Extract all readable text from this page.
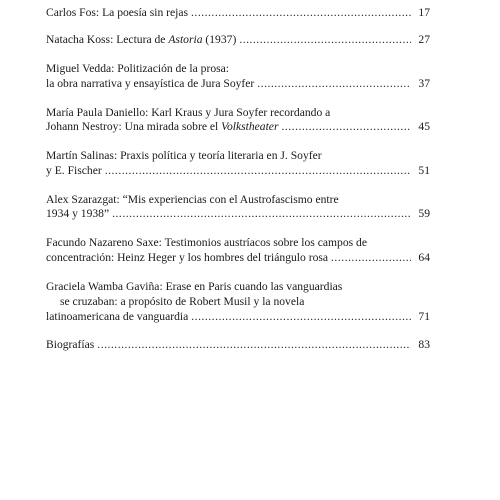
Carlos Fos: La poesía sin rejas .....	17
Natacha Koss: Lectura de Astoria (1937) .....	27
Miguel Vedda: Politización de la prosa:
la obra narrativa y ensayística de Jura Soyfer .....	37
María Paula Daniello: Karl Kraus y Jura Soyfer recordando a
Johann Nestroy: Una mirada sobre el Volkstheater .....	45
Martín Salinas: Praxis política y teoría literaria en J. Soyfer
y E. Fischer .....	51
Alex Szarazgat: “Mis experiencias con el Austrofascismo entre
1934 y 1938” .....	59
Facundo Nazareno Saxe: Testimonios austríacos sobre los campos de
concentración: Heinz Heger y los hombres del triángulo rosa .....	64
Graciela Wamba Gaviña: Erase en Paris cuando las vanguardias
se cruzaban: a propósito de Robert Musil y la novela
latinoamericana de vanguardia .....	71
Biografías .....	83
